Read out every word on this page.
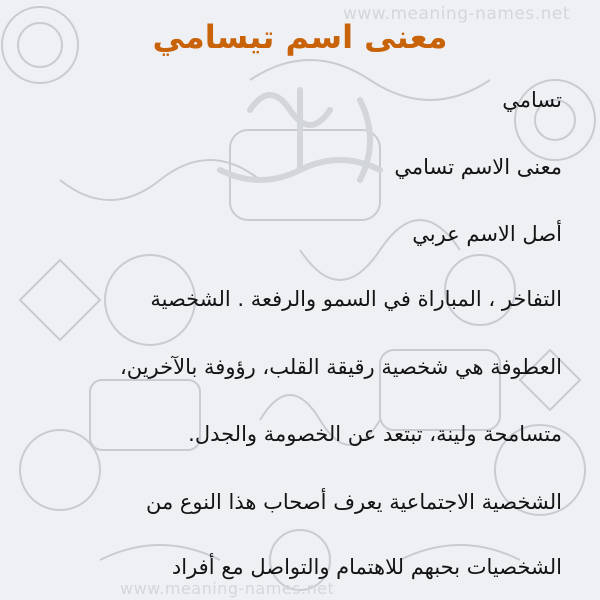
www.meaning-names.net
معنى اسم تيسامي

تسامي

معنى الاسم تسامي

أصل الاسم عربي

التفاخر ، المباراة في السمو والرفعة . الشخصية

العطوفة هي شخصية رقيقة القلب، رؤوفة بالآخرين،

متسامحة ولينة، تبتعد عن الخصومة والجدل.

الشخصية الاجتماعية يعرف أصحاب هذا النوع من

الشخصيات بحبهم للاهتمام والتواصل مع أفراد

www.meaning-names.net
